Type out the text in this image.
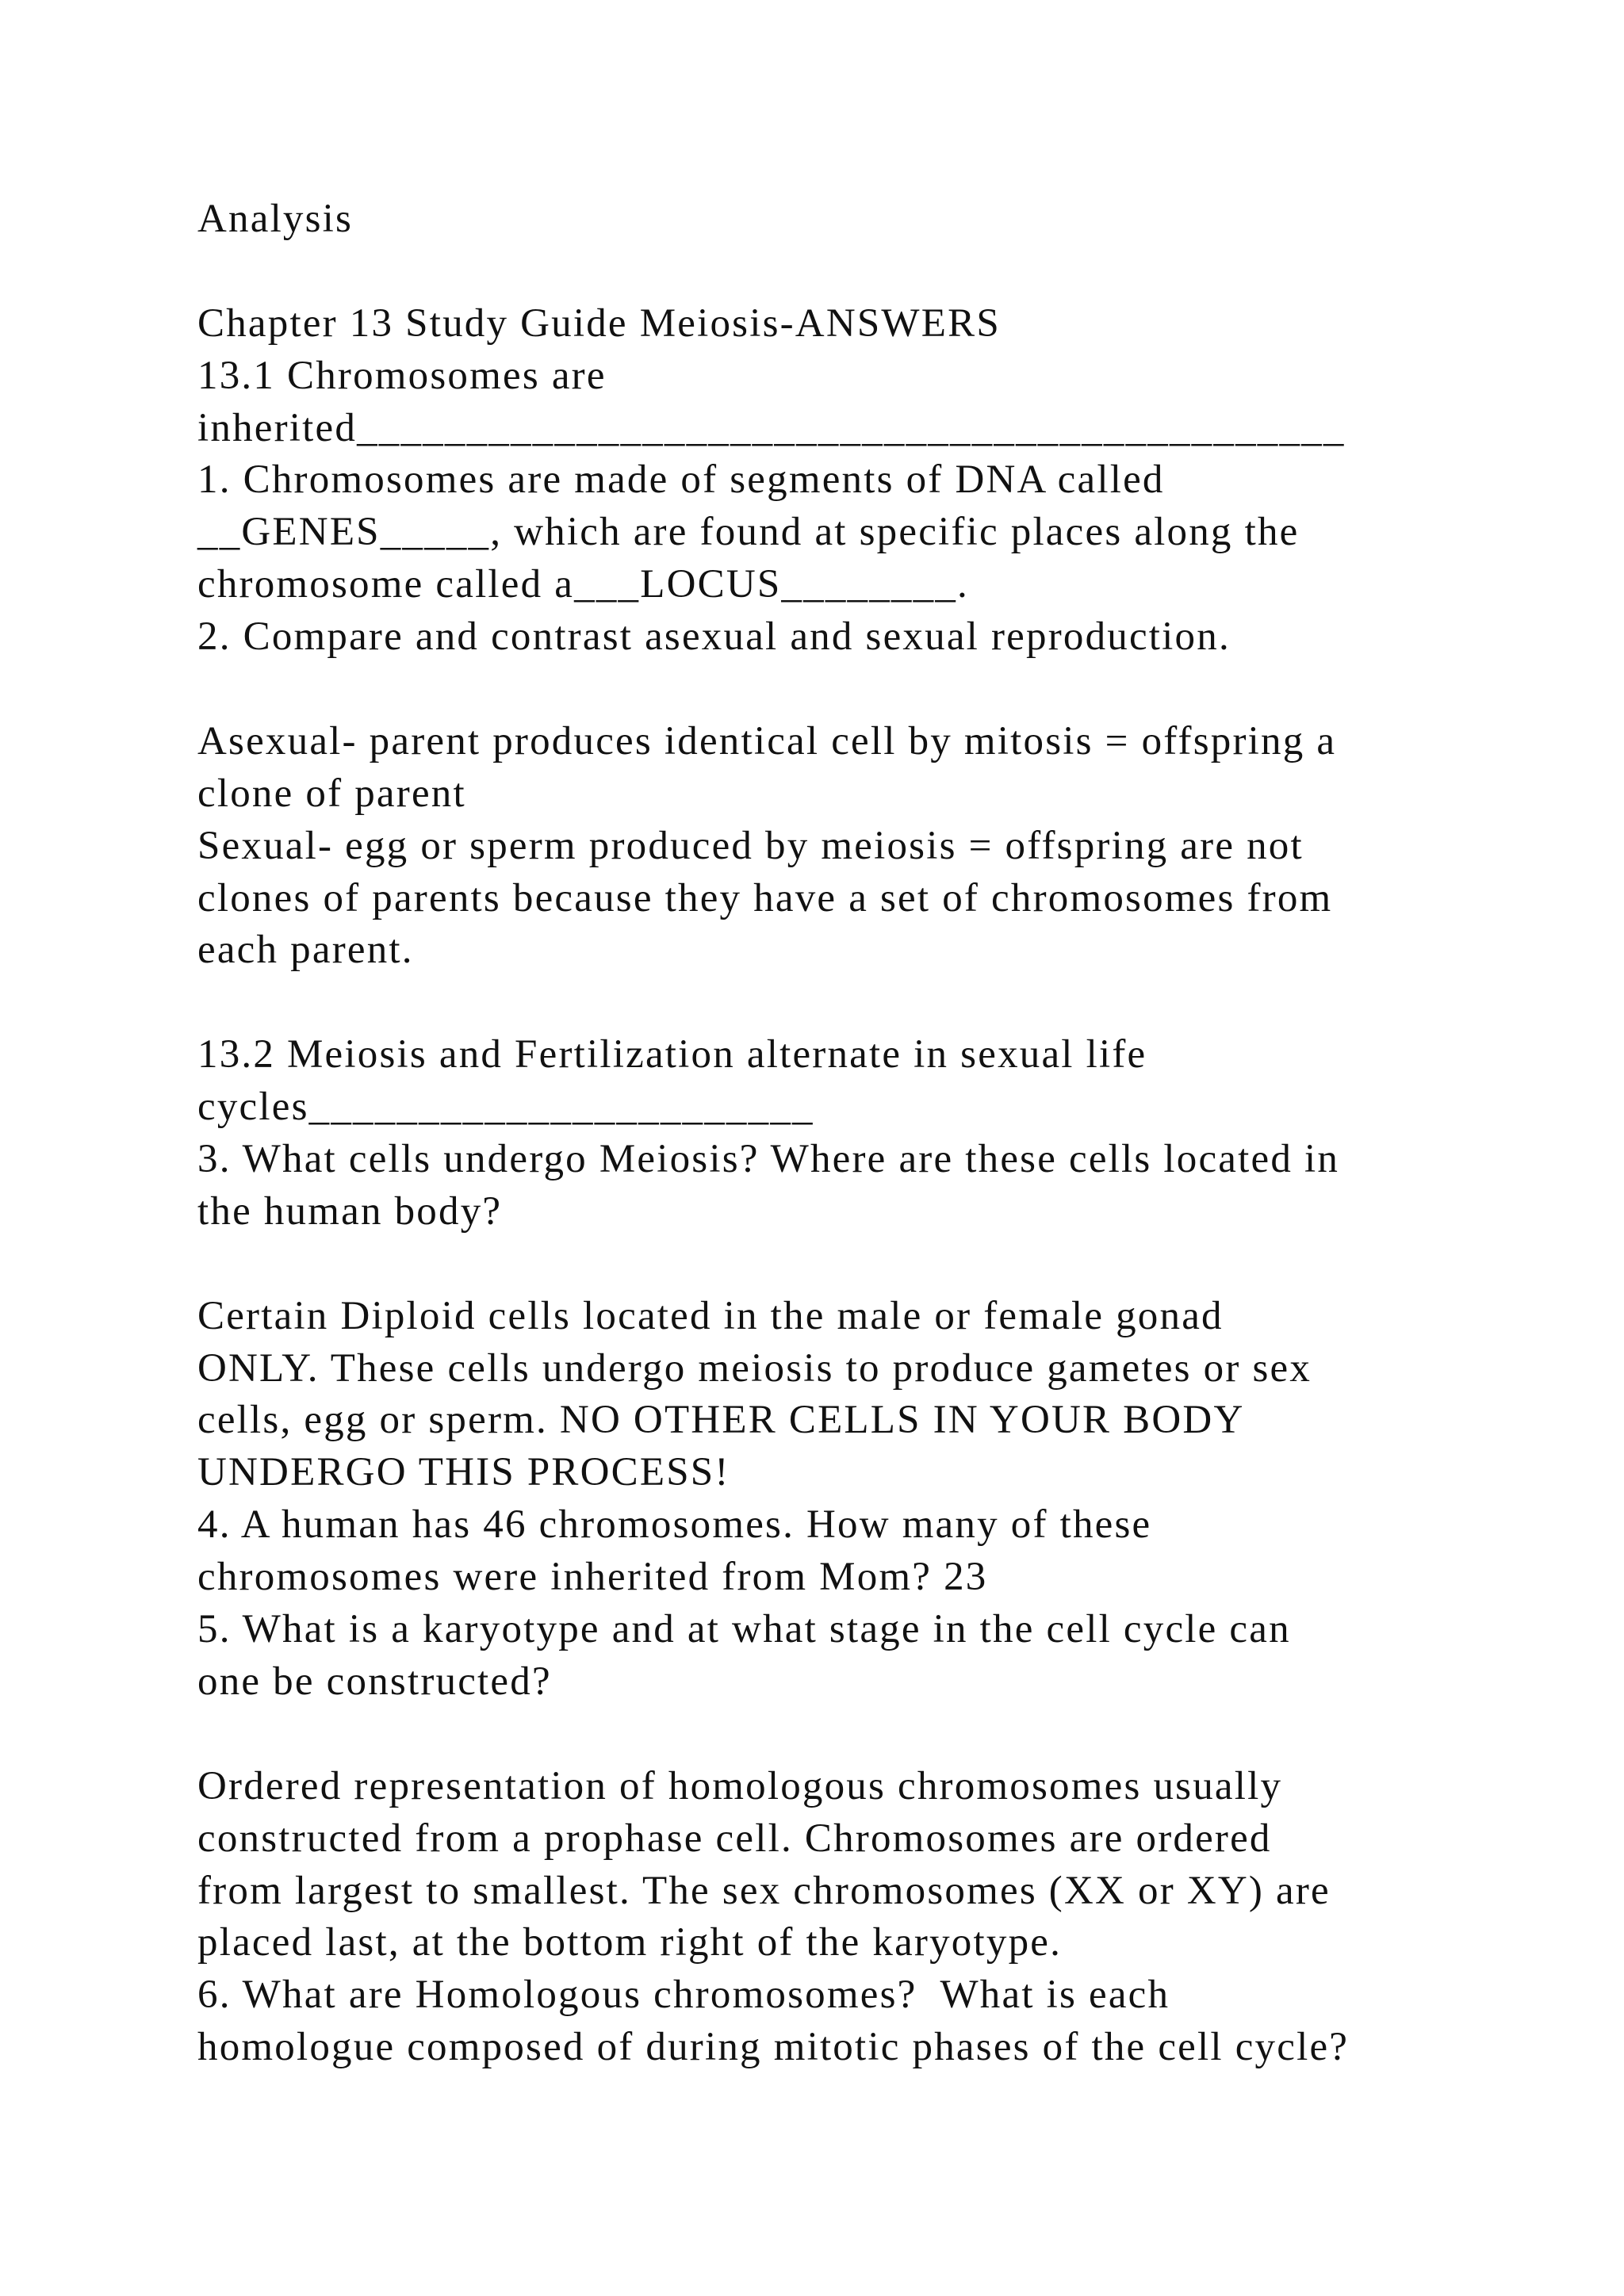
Analysis
Chapter 13 Study Guide Meiosis-ANSWERS
13.1 Chromosomes are
inherited_____________________________________________
1. Chromosomes are made of segments of DNA called
__GENES_____, which are found at specific places along the
chromosome called a___LOCUS________.
2. Compare and contrast asexual and sexual reproduction.
Asexual- parent produces identical cell by mitosis = offspring a
clone of parent
Sexual- egg or sperm produced by meiosis = offspring are not
clones of parents because they have a set of chromosomes from
each parent.
13.2 Meiosis and Fertilization alternate in sexual life
cycles_______________________
3. What cells undergo Meiosis? Where are these cells located in
the human body?
Certain Diploid cells located in the male or female gonad
ONLY. These cells undergo meiosis to produce gametes or sex
cells, egg or sperm. NO OTHER CELLS IN YOUR BODY
UNDERGO THIS PROCESS!
4. A human has 46 chromosomes. How many of these
chromosomes were inherited from Mom? 23
5. What is a karyotype and at what stage in the cell cycle can
one be constructed?
Ordered representation of homologous chromosomes usually
constructed from a prophase cell. Chromosomes are ordered
from largest to smallest. The sex chromosomes (XX or XY) are
placed last, at the bottom right of the karyotype.
6. What are Homologous chromosomes?  What is each
homologue composed of during mitotic phases of the cell cycle?
